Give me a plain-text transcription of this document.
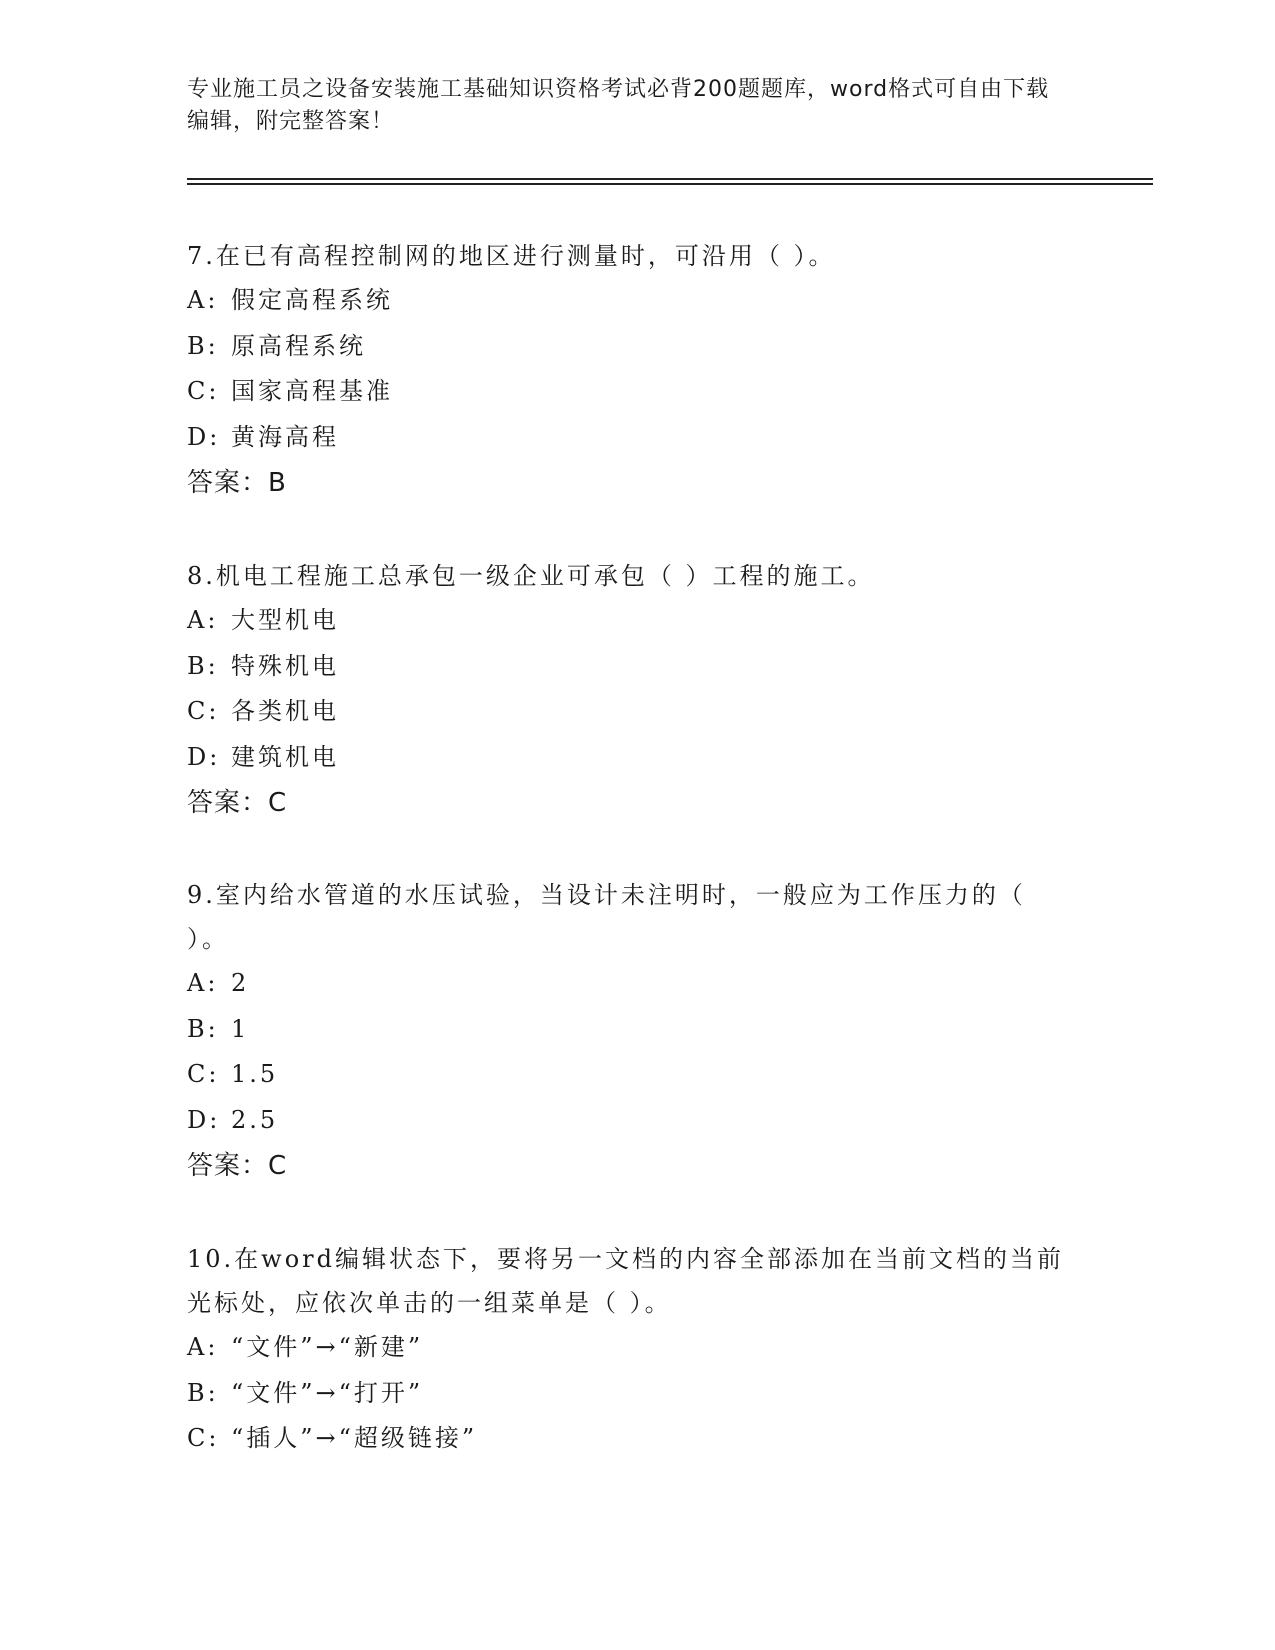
专业施工员之设备安装施工基础知识资格考试必背200题题库，word格式可自由下载编辑，附完整答案！

7.在已有高程控制网的地区进行测量时，可沿用（ ）。

A: 假定高程系统

B: 原高程系统

C: 国家高程基准

D: 黄海高程

答案：B

8.机电工程施工总承包一级企业可承包（ ）工程的施工。

A: 大型机电

B: 特殊机电

C: 各类机电

D: 建筑机电

答案：C

9.室内给水管道的水压试验，当设计未注明时，一般应为工作压力的（ ）。

A: 2

B: 1

C: 1.5

D: 2.5

答案：C

10.在word编辑状态下，要将另一文档的内容全部添加在当前文档的当前光标处，应依次单击的一组菜单是（ ）。

A: “文件”→“新建”

B: “文件”→“打开”

C: “插人”→“超级链接”
